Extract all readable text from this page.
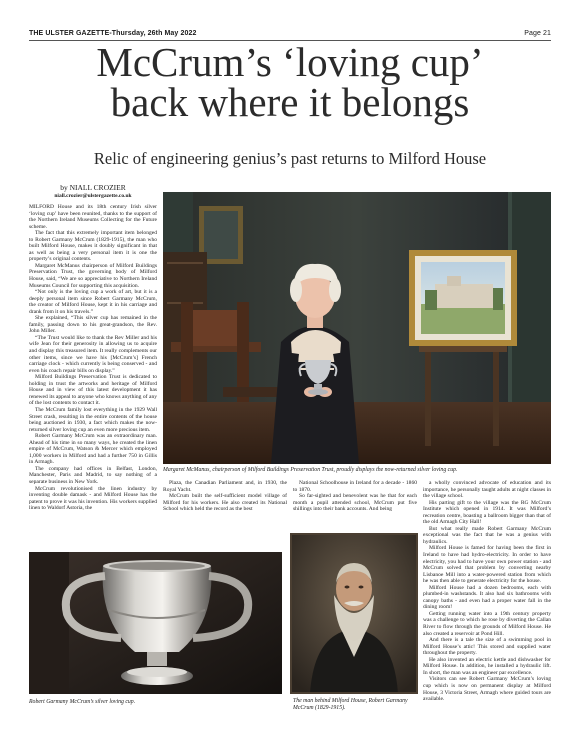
THE ULSTER GAZETTE-Thursday, 26th May 2022	Page 21
McCrum’s ‘loving cup’
back where it belongs
Relic of engineering genius’s past returns to Milford House
by NIALL CROZIER
niall.crozier@ulstergazette.co.uk

MILFORD House and its 18th century Irish silver ‘loving cup’ have been reunited, thanks to the support of the Northern Ireland Museums Collecting for the Future scheme.

The fact that this extremely important item belonged to Robert Garmany McCrum (1829-1915), the man who built Milford House, makes it doubly significant in that as well as being a very personal item it is one the property’s original contents.

Margaret McManus chairperson of Milford Buildings Preservation Trust, the governing body of Milford House, said, “We are so appreciative to Northern Ireland Museums Council for supporting this acquisition.

“Not only is the loving cup a work of art, but it is a deeply personal item since Robert Garmany McCrum, the creator of Milford House, kept it in his carriage and drank from it on his travels.”

She explained, “This silver cup has remained in the family, passing down to his great-grandson, the Rev. John Miller.

“The Trust would like to thank the Rev Miller and his wife Jean for their generosity in allowing us to acquire and display this treasured item. It really complements our other items, since we have his [McCrum’s] French carriage clock - which currently is being conserved - and even his coach repair bills on display.”

Milford Buildings Preservation Trust is dedicated to holding in trust the artworks and heritage of Milford House and in view of this latest development it has renewed its appeal to anyone who knows anything of any of the lost contents to contact it.

The McCrum family lost everything in the 1929 Wall Street crash, resulting in the entire contents of the house being auctioned in 1930, a fact which makes the now-returned silver loving cup an even more precious item.

Robert Garmany McCrum was an extraordinary man. Ahead of his time in so many ways, he created the linen empire of McCrum, Watson & Mercer which employed 1,000 workers in Milford and had a further 750 in Gillis in Armagh.

The company had offices in Belfast, London, Manchester, Paris and Madrid, to say nothing of a separate business in New York.

McCrum revolutionised the linen industry by inventing double damask - and Milford House has the patent to prove it was his invention. His workers supplied linen to Waldorf Astoria, the

Plaza, the Canadian Parliament and, in 1930, the Royal Yacht.

McCrum built the self-sufficient model village of Milford for his workers. He also created its National School which held the record as the best

National Schoolhouse in Ireland for a decade - 1860 to 1870.

So far-sighted and benevolent was he that for each month a pupil attended school, McCrum put five shillings into their bank accounts. And being

a wholly convinced advocate of education and its importance, he personally taught adults at night classes in the village school.

His parting gift to the village was the RG McCrum Institute which opened in 1914. It was Milford’s recreation centre, boasting a ballroom bigger than that of the old Armagh City Hall!

But what really made Robert Garmany McCrum exceptional was the fact that he was a genius with hydraulics.

Milford House is famed for having been the first in Ireland to have had hydro-electricity. In order to have electricity, you had to have your own power station - and McCrum solved that problem by converting nearby Lisbanoe Mill into a water-powered station from which he was then able to generate electricity for the house.

Milford House had a dozen bedrooms, each with plumbed-in washstands. It also had six bathrooms with canopy baths - and even had a proper water fall in the dining room!

Getting running water into a 19th century property was a challenge to which he rose by diverting the Callan River to flow through the grounds of Milford House. He also created a reservoir at Pond Hill.

And there is a tale the size of a swimming pool in Milford House’s attic! This stored and supplied water throughout the property.

He also invented an electric kettle and dishwasher for Milford House. In addition, he installed a hydraulic lift. In short, the man was an engineer par excellence.

Visitors can see Robert Garmany McCrum’s loving cup which is now on permanent display at Milford House, 3 Victoria Street, Armagh where guided tours are available.

Margaret McManus, chairperson of Milford Buildings Preservation Trust, proudly displays the now-returned silver loving cup.
Robert Garmany McCrum’s silver loving cup.	The man behind Milford House, Robert Garmany McCrum (1829-1915).
